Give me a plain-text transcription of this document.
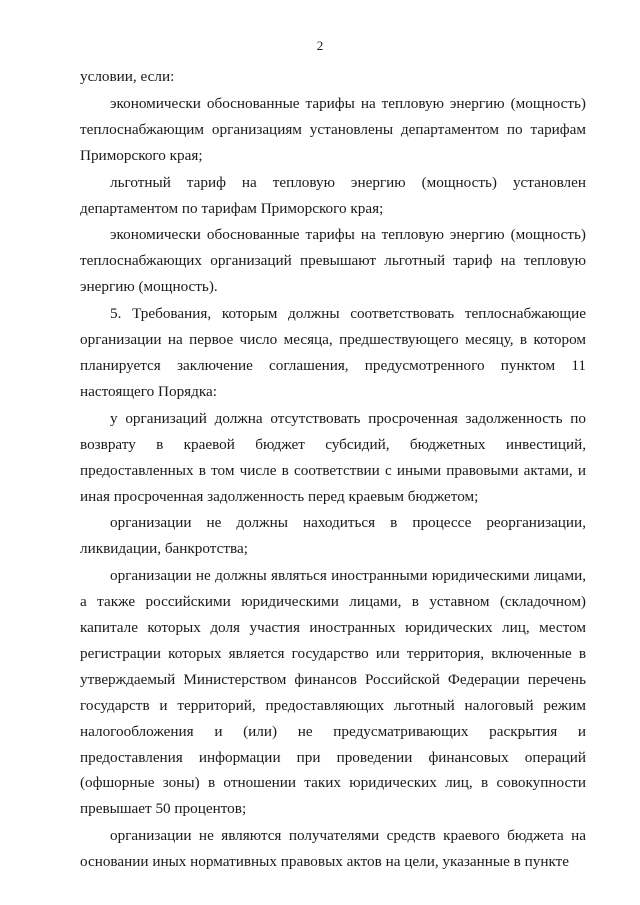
2

условии, если:

экономически обоснованные тарифы на тепловую энергию (мощность) теплоснабжающим организациям установлены департаментом по тарифам Приморского края;

льготный тариф на тепловую энергию (мощность) установлен департаментом по тарифам Приморского края;

экономически обоснованные тарифы на тепловую энергию (мощность) теплоснабжающих организаций превышают льготный тариф на тепловую энергию (мощность).

5. Требования, которым должны соответствовать теплоснабжающие организации на первое число месяца, предшествующего месяцу, в котором планируется заключение соглашения, предусмотренного пунктом 11 настоящего Порядка:

у организаций должна отсутствовать просроченная задолженность по возврату в краевой бюджет субсидий, бюджетных инвестиций, предоставленных в том числе в соответствии с иными правовыми актами, и иная просроченная задолженность перед краевым бюджетом;

организации не должны находиться в процессе реорганизации, ликвидации, банкротства;

организации не должны являться иностранными юридическими лицами, а также российскими юридическими лицами, в уставном (складочном) капитале которых доля участия иностранных юридических лиц, местом регистрации которых является государство или территория, включенные в утверждаемый Министерством финансов Российской Федерации перечень государств и территорий, предоставляющих льготный налоговый режим налогообложения и (или) не предусматривающих раскрытия и предоставления информации при проведении финансовых операций (офшорные зоны) в отношении таких юридических лиц, в совокупности превышает 50 процентов;

организации не являются получателями средств краевого бюджета на основании иных нормативных правовых актов на цели, указанные в пункте
